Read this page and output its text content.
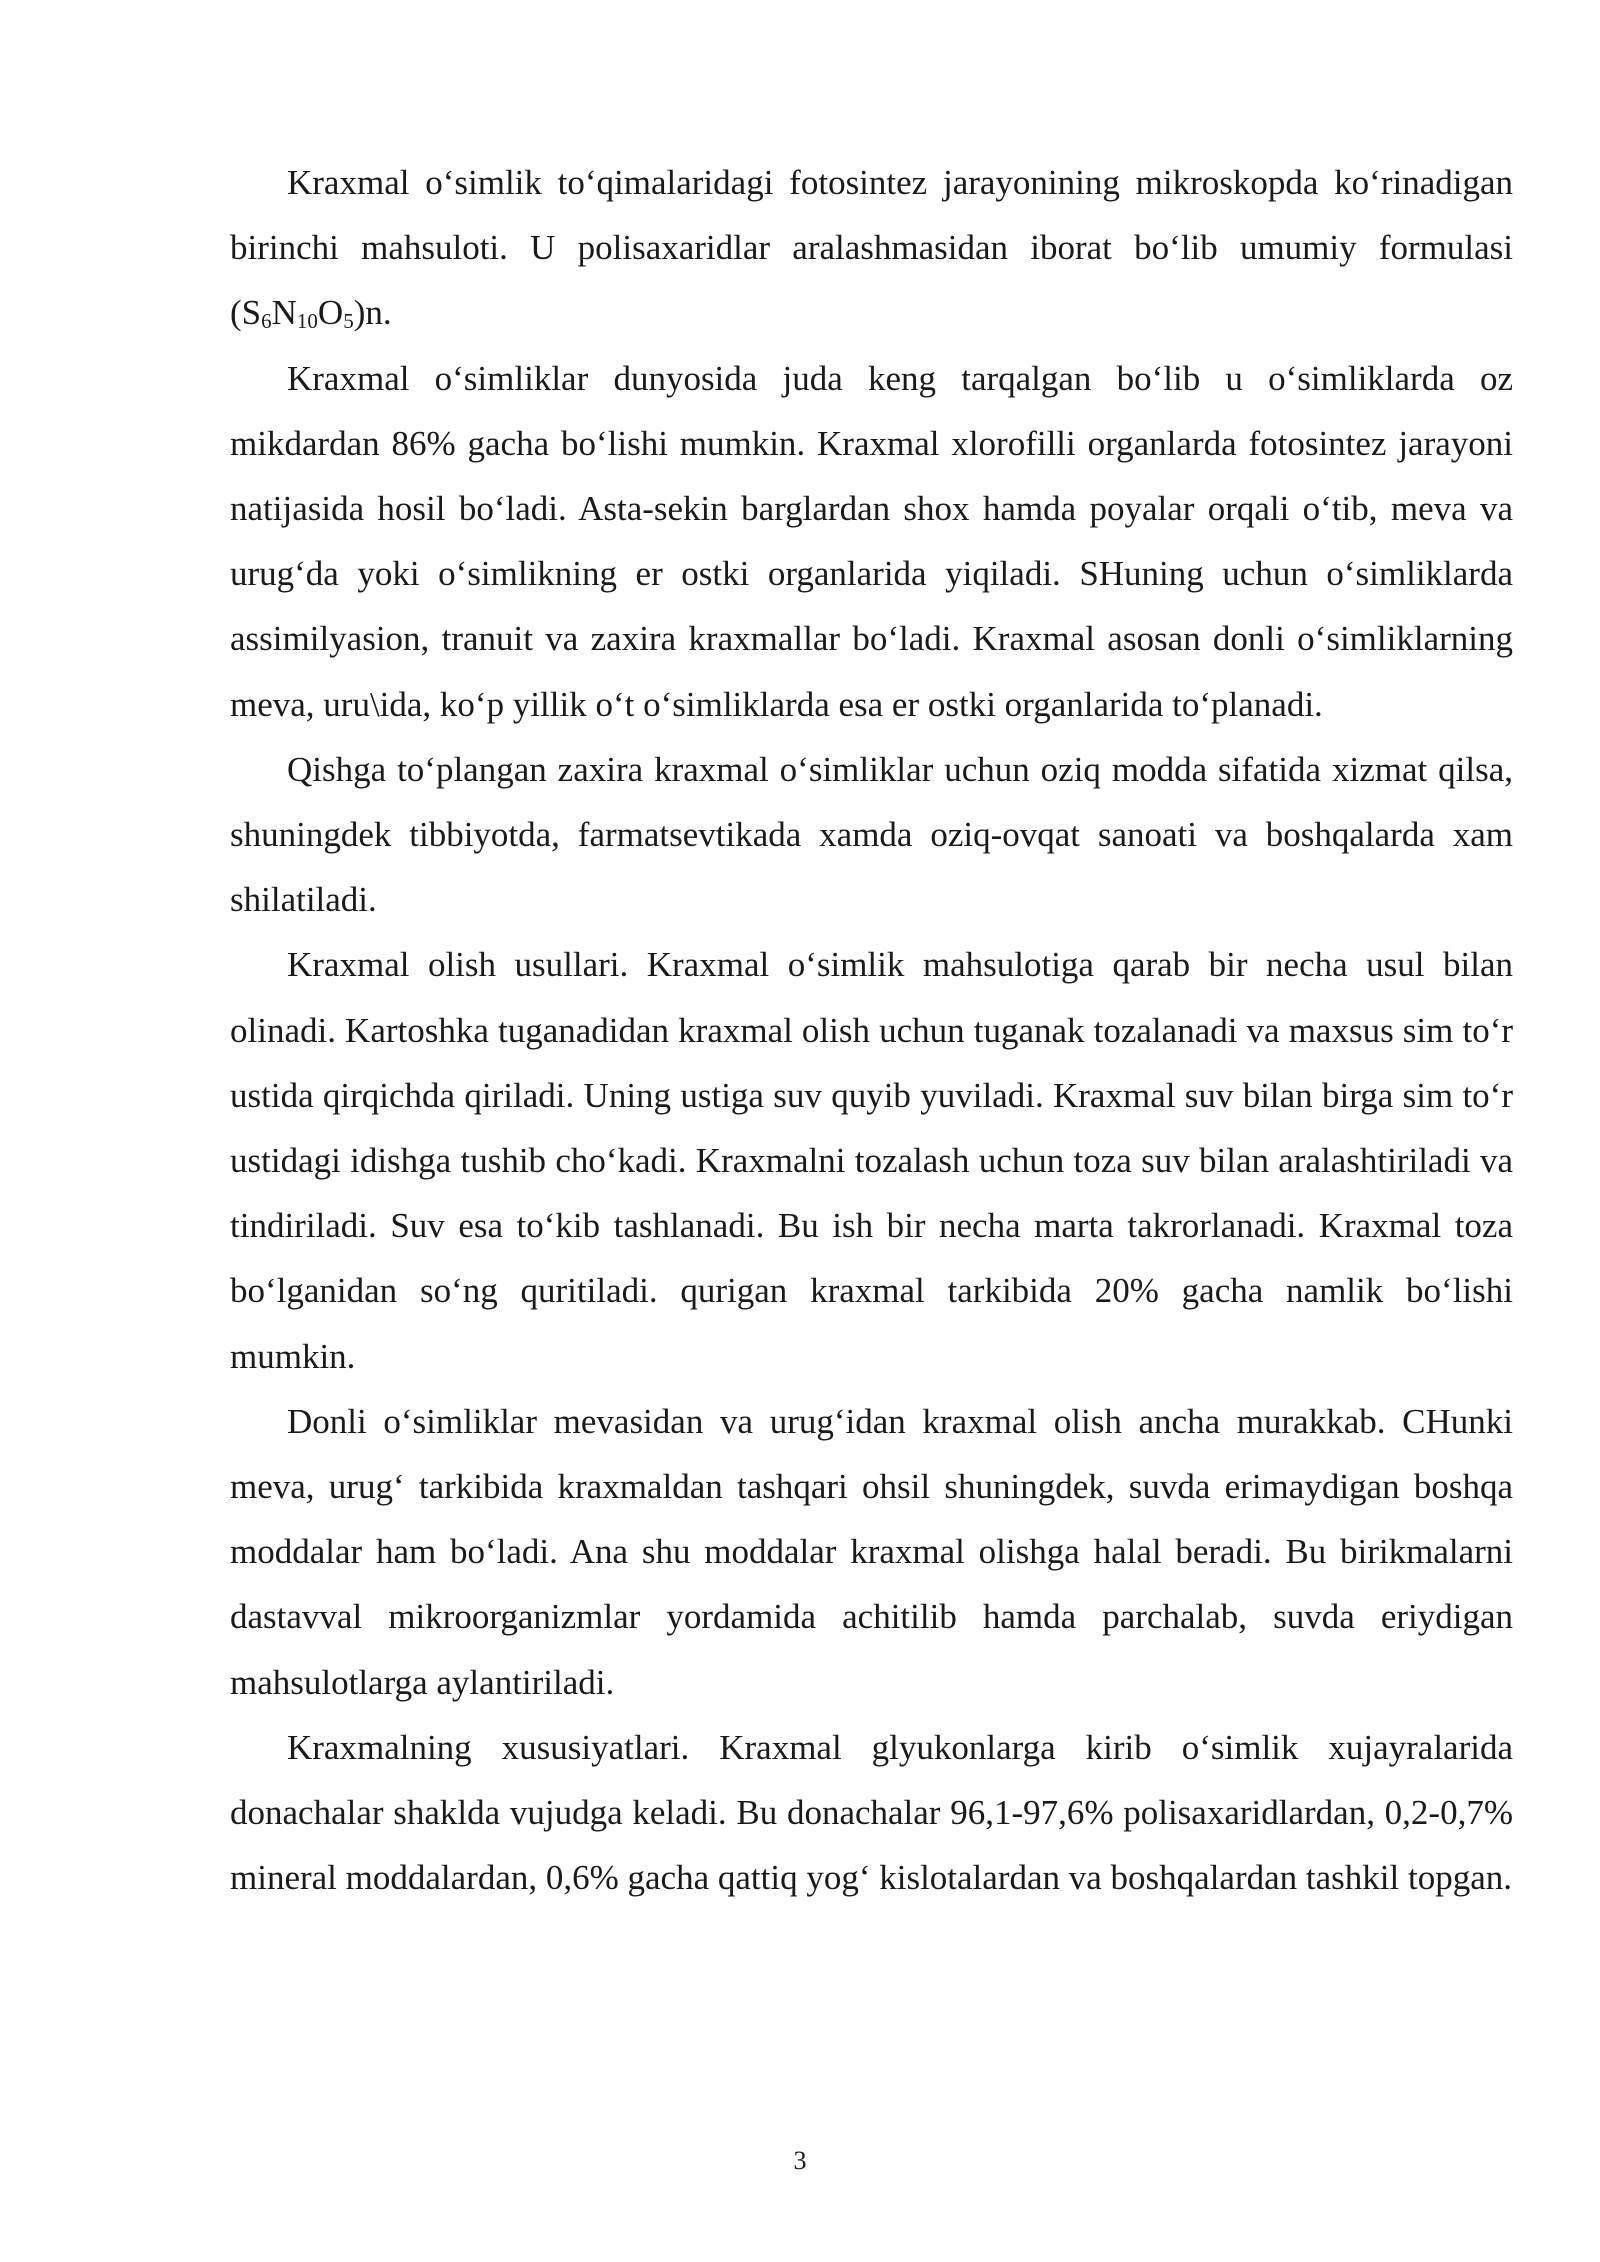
Kraxmal o‘simlik to‘qimalaridagi fotosintez jarayonining mikroskopda ko‘rinadigan birinchi mahsuloti. U polisaxaridlar aralashmasidan iborat bo‘lib umumiy formulasi $(S_6N_{10}O_5)n$.

Kraxmal o‘simliklar dunyosida juda keng tarqalgan bo‘lib u o‘simliklarda oz mikdardan 86% gacha bo‘lishi mumkin. Kraxmal xlorofilli organlarda fotosintez jarayoni natijasida hosil bo‘ladi. Asta-sekin barglardan shox hamda poyalar orqali o‘tib, meva va urug‘da yoki o‘simlikning er ostki organlarida yiqiladi. SHuning uchun o‘simliklarda assimilyasion, tranuit va zaxira kraxmallar bo‘ladi. Kraxmal asosan donli o‘simliklarning meva, uru\ida, ko‘p yillik o‘t o‘simliklarda esa er ostki organlarida to‘planadi.

Qishga to‘plangan zaxira kraxmal o‘simliklar uchun oziq modda sifatida xizmat qilsa, shuningdek tibbiyotda, farmatsevtikada xamda oziq-ovqat sanoati va boshqalarda xam shilatiladi.

Kraxmal olish usullari. Kraxmal o‘simlik mahsulotiga qarab bir necha usul bilan olinadi. Kartoshka tuganadidan kraxmal olish uchun tuganak tozalanadi va maxsus sim to‘r ustida qirqichda qiriladi. Uning ustiga suv quyib yuviladi. Kraxmal suv bilan birga sim to‘r ustidagi idishga tushib cho‘kadi. Kraxmalni tozalash uchun toza suv bilan aralashtiriladi va tindiriladi. Suv esa to‘kib tashlanadi. Bu ish bir necha marta takrorlanadi. Kraxmal toza bo‘lganidan so‘ng quritiladi. qurigan kraxmal tarkibida 20% gacha namlik bo‘lishi mumkin.

Donli o‘simliklar mevasidan va urug‘idan kraxmal olish ancha murakkab. CHunki meva, urug‘ tarkibida kraxmaldan tashqari ohsil shuningdek, suvda erimaydigan boshqa moddalar ham bo‘ladi. Ana shu moddalar kraxmal olishga halal beradi. Bu birikmalarni dastavval mikroorganizmlar yordamida achitilib hamda parchalab, suvda eriydigan mahsulotlarga aylantiriladi.

Kraxmalning xususiyatlari. Kraxmal glyukonlarga kirib o‘simlik xujayralarida donachalar shaklda vujudga keladi. Bu donachalar 96,1-97,6% polisaxaridlardan, 0,2-0,7% mineral moddalardan, 0,6% gacha qattiq yog‘ kislotalardan va boshqalardan tashkil topgan.

3
